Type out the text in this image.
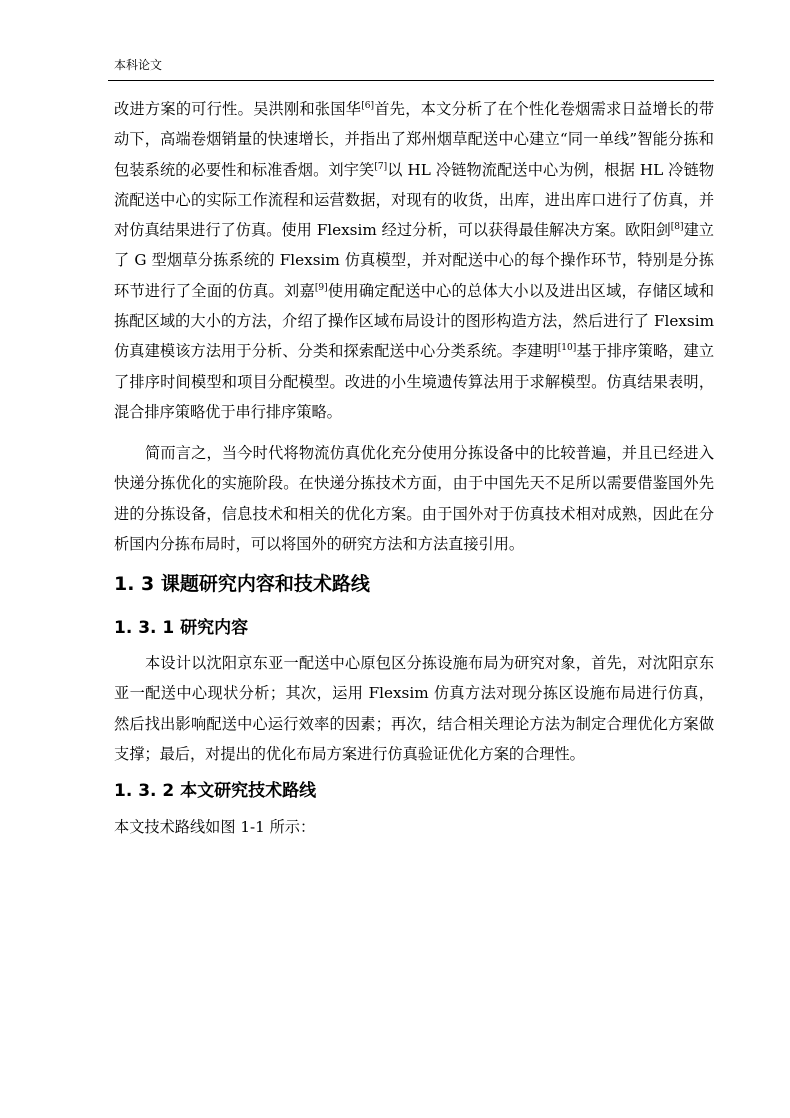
本科论文

改进方案的可行性。吴洪刚和张国华[6]首先，本文分析了在个性化卷烟需求日益增长的带动下，高端卷烟销量的快速增长，并指出了郑州烟草配送中心建立“同一单线”智能分拣和包装系统的必要性和标准香烟。刘宇笑[7]以 HL 冷链物流配送中心为例，根据 HL 冷链物流配送中心的实际工作流程和运营数据，对现有的收货，出库，进出库口进行了仿真，并对仿真结果进行了仿真。使用 Flexsim 经过分析，可以获得最佳解决方案。欧阳剑[8]建立了 G 型烟草分拣系统的 Flexsim 仿真模型，并对配送中心的每个操作环节，特别是分拣环节进行了全面的仿真。刘嘉[9]使用确定配送中心的总体大小以及进出区域，存储区域和拣配区域的大小的方法，介绍了操作区域布局设计的图形构造方法，然后进行了 Flexsim 仿真建模该方法用于分析、分类和探索配送中心分类系统。李建明[10]基于排序策略，建立了排序时间模型和项目分配模型。改进的小生境遗传算法用于求解模型。仿真结果表明，混合排序策略优于串行排序策略。

简而言之，当今时代将物流仿真优化充分使用分拣设备中的比较普遍，并且已经进入快递分拣优化的实施阶段。在快递分拣技术方面，由于中国先天不足所以需要借鉴国外先进的分拣设备，信息技术和相关的优化方案。由于国外对于仿真技术相对成熟，因此在分析国内分拣布局时，可以将国外的研究方法和方法直接引用。

1. 3 课题研究内容和技术路线
1. 3. 1 研究内容

本设计以沈阳京东亚一配送中心原包区分拣设施布局为研究对象，首先，对沈阳京东亚一配送中心现状分析；其次，运用 Flexsim 仿真方法对现分拣区设施布局进行仿真，然后找出影响配送中心运行效率的因素；再次，结合相关理论方法为制定合理优化方案做支撑；最后，对提出的优化布局方案进行仿真验证优化方案的合理性。

1. 3. 2 本文研究技术路线

本文技术路线如图 1-1 所示：
